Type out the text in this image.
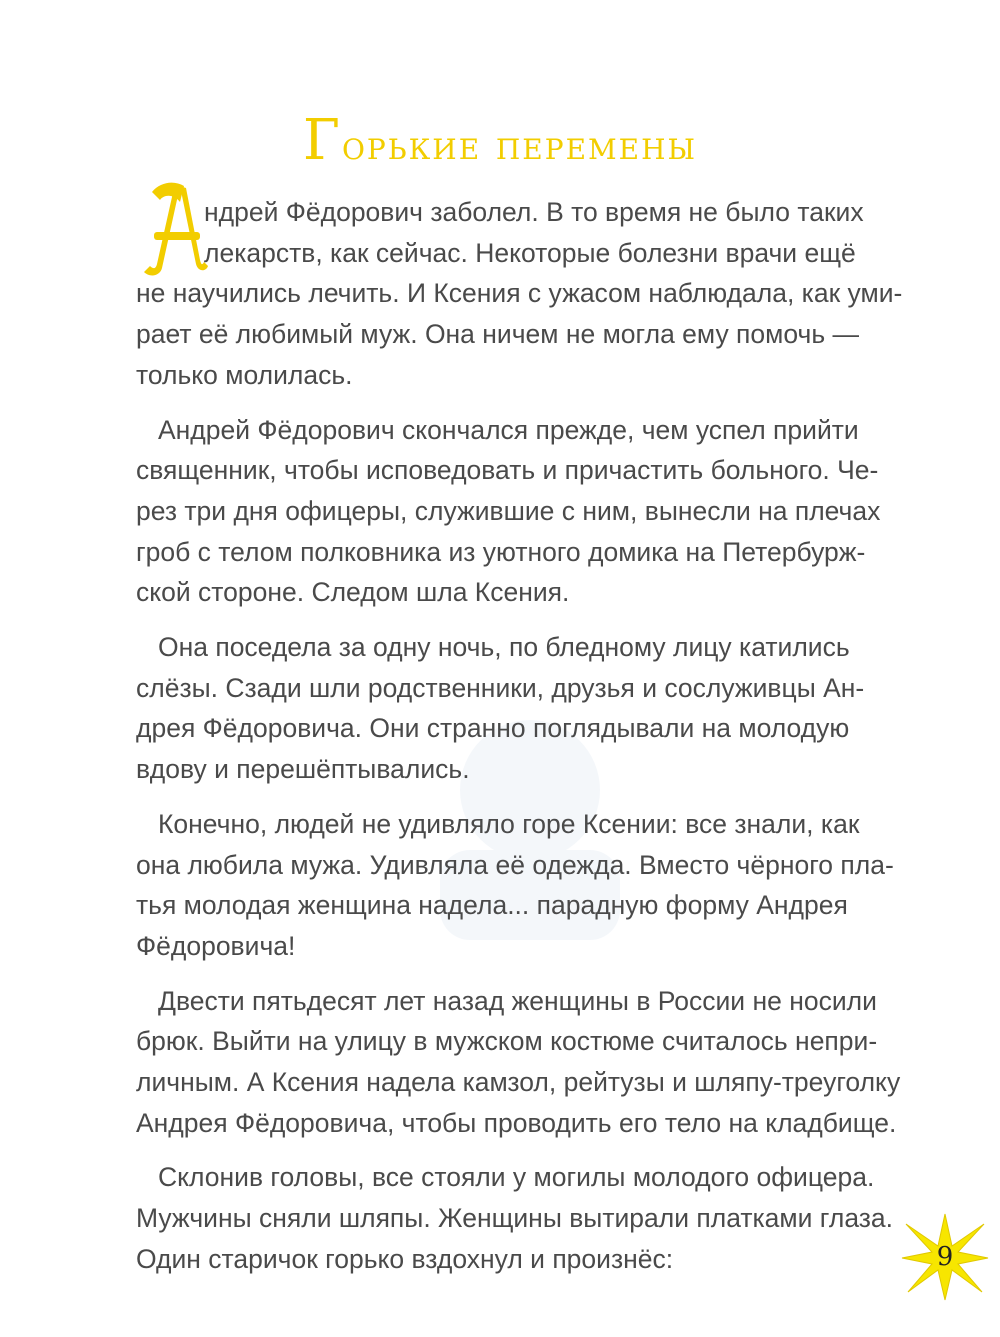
Горькие перемены
А

ндрей Фёдорович заболел. В то время не было таких
лекарств, как сейчас. Некоторые болезни врачи ещё
не научились лечить. И Ксения с ужасом наблюдала, как уми-
рает её любимый муж. Она ничем не могла ему помочь —
только молилась.

Андрей Фёдорович скончался прежде, чем успел прийти
священник, чтобы исповедовать и причастить больного. Че-
рез три дня офицеры, служившие с ним, вынесли на плечах
гроб с телом полковника из уютного домика на Петербурж-
ской стороне. Следом шла Ксения.

Она поседела за одну ночь, по бледному лицу катились
слёзы. Сзади шли родственники, друзья и сослуживцы Ан-
дрея Фёдоровича. Они странно поглядывали на молодую
вдову и перешёптывались.

Конечно, людей не удивляло горе Ксении: все знали, как
она любила мужа. Удивляла её одежда. Вместо чёрного пла-
тья молодая женщина надела... парадную форму Андрея
Фёдоровича!

Двести пятьдесят лет назад женщины в России не носили
брюк. Выйти на улицу в мужском костюме считалось непри-
личным. А Ксения надела камзол, рейтузы и шляпу-треуголку
Андрея Фёдоровича, чтобы проводить его тело на кладбище.

Склонив головы, все стояли у могилы молодого офицера.
Мужчины сняли шляпы. Женщины вытирали платками глаза.
Один старичок горько вздохнул и произнёс:	9
